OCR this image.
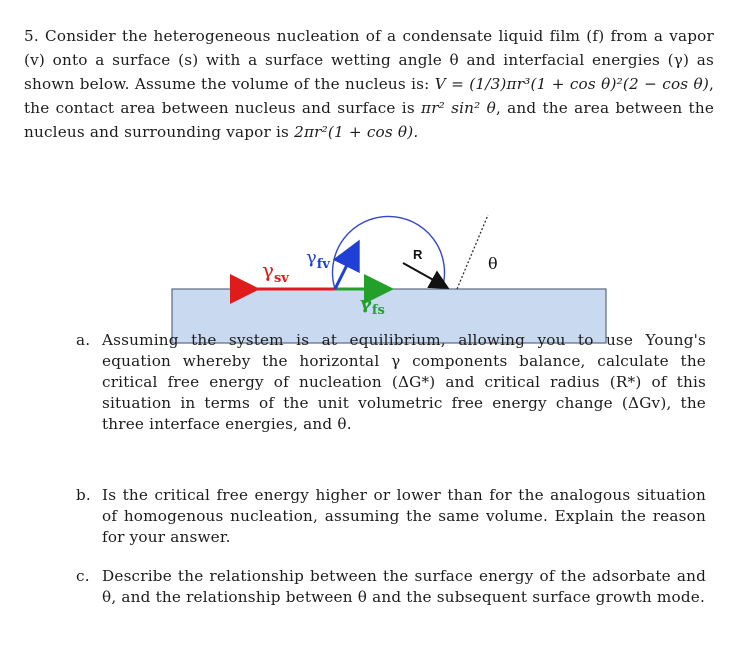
5. Consider the heterogeneous nucleation of a condensate liquid film (f) from a vapor (v) onto a surface (s) with a surface wetting angle θ and interfacial energies (γ) as shown below. Assume the volume of the nucleus is: V = (1/3)πr³(1 + cos θ)²(2 − cos θ), the contact area between nucleus and surface is πr² sin² θ, and the area between the nucleus and surrounding vapor is 2πr²(1 + cos θ).

$\gamma_{sv}$
$\gamma_{fv}$
$\gamma_{fs}$
R	θ
a. Assuming the system is at equilibrium, allowing you to use Young's equation whereby the horizontal γ components balance, calculate the critical free energy of nucleation (ΔG*) and critical radius (R*) of this situation in terms of the unit volumetric free energy change (ΔGv), the three interface energies, and θ.
b. Is the critical free energy higher or lower than for the analogous situation of homogenous nucleation, assuming the same volume. Explain the reason for your answer.
c. Describe the relationship between the surface energy of the adsorbate and θ, and the relationship between θ and the subsequent surface growth mode.
